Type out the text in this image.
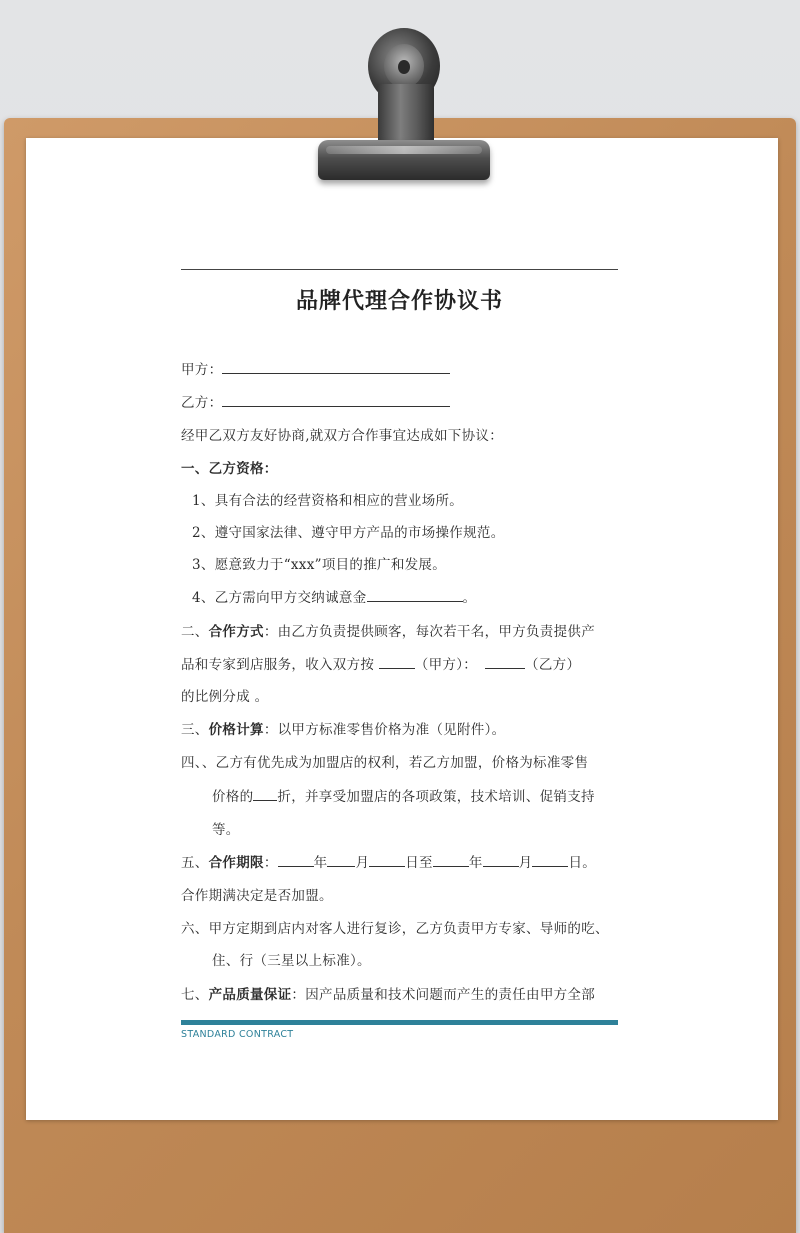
品牌代理合作协议书
甲方：
乙方：
经甲乙双方友好协商,就双方合作事宜达成如下协议：
一、乙方资格：
1、具有合法的经营资格和相应的营业场所。
2、遵守国家法律、遵守甲方产品的市场操作规范。
3、愿意致力于“xxx”项目的推广和发展。
4、乙方需向甲方交纳诚意金	。
二、合作方式：由乙方负责提供顾客，每次若干名，甲方负责提供产
品和专家到店服务，收入双方按	（甲方）：	（乙方）
的比例分成 。
三、价格计算：以甲方标准零售价格为准（见附件）。
四、、乙方有优先成为加盟店的权利，若乙方加盟，价格为标准零售
价格的 折，并享受加盟店的各项政策，技术培训、促销支持
等。
五、合作期限：	年 月	日至	年	月	日。
合作期满决定是否加盟。
六、甲方定期到店内对客人进行复诊，乙方负责甲方专家、导师的吃、
住、行（三星以上标准）。
七、产品质量保证：因产品质量和技术问题而产生的责任由甲方全部
STANDARD CONTRACT
